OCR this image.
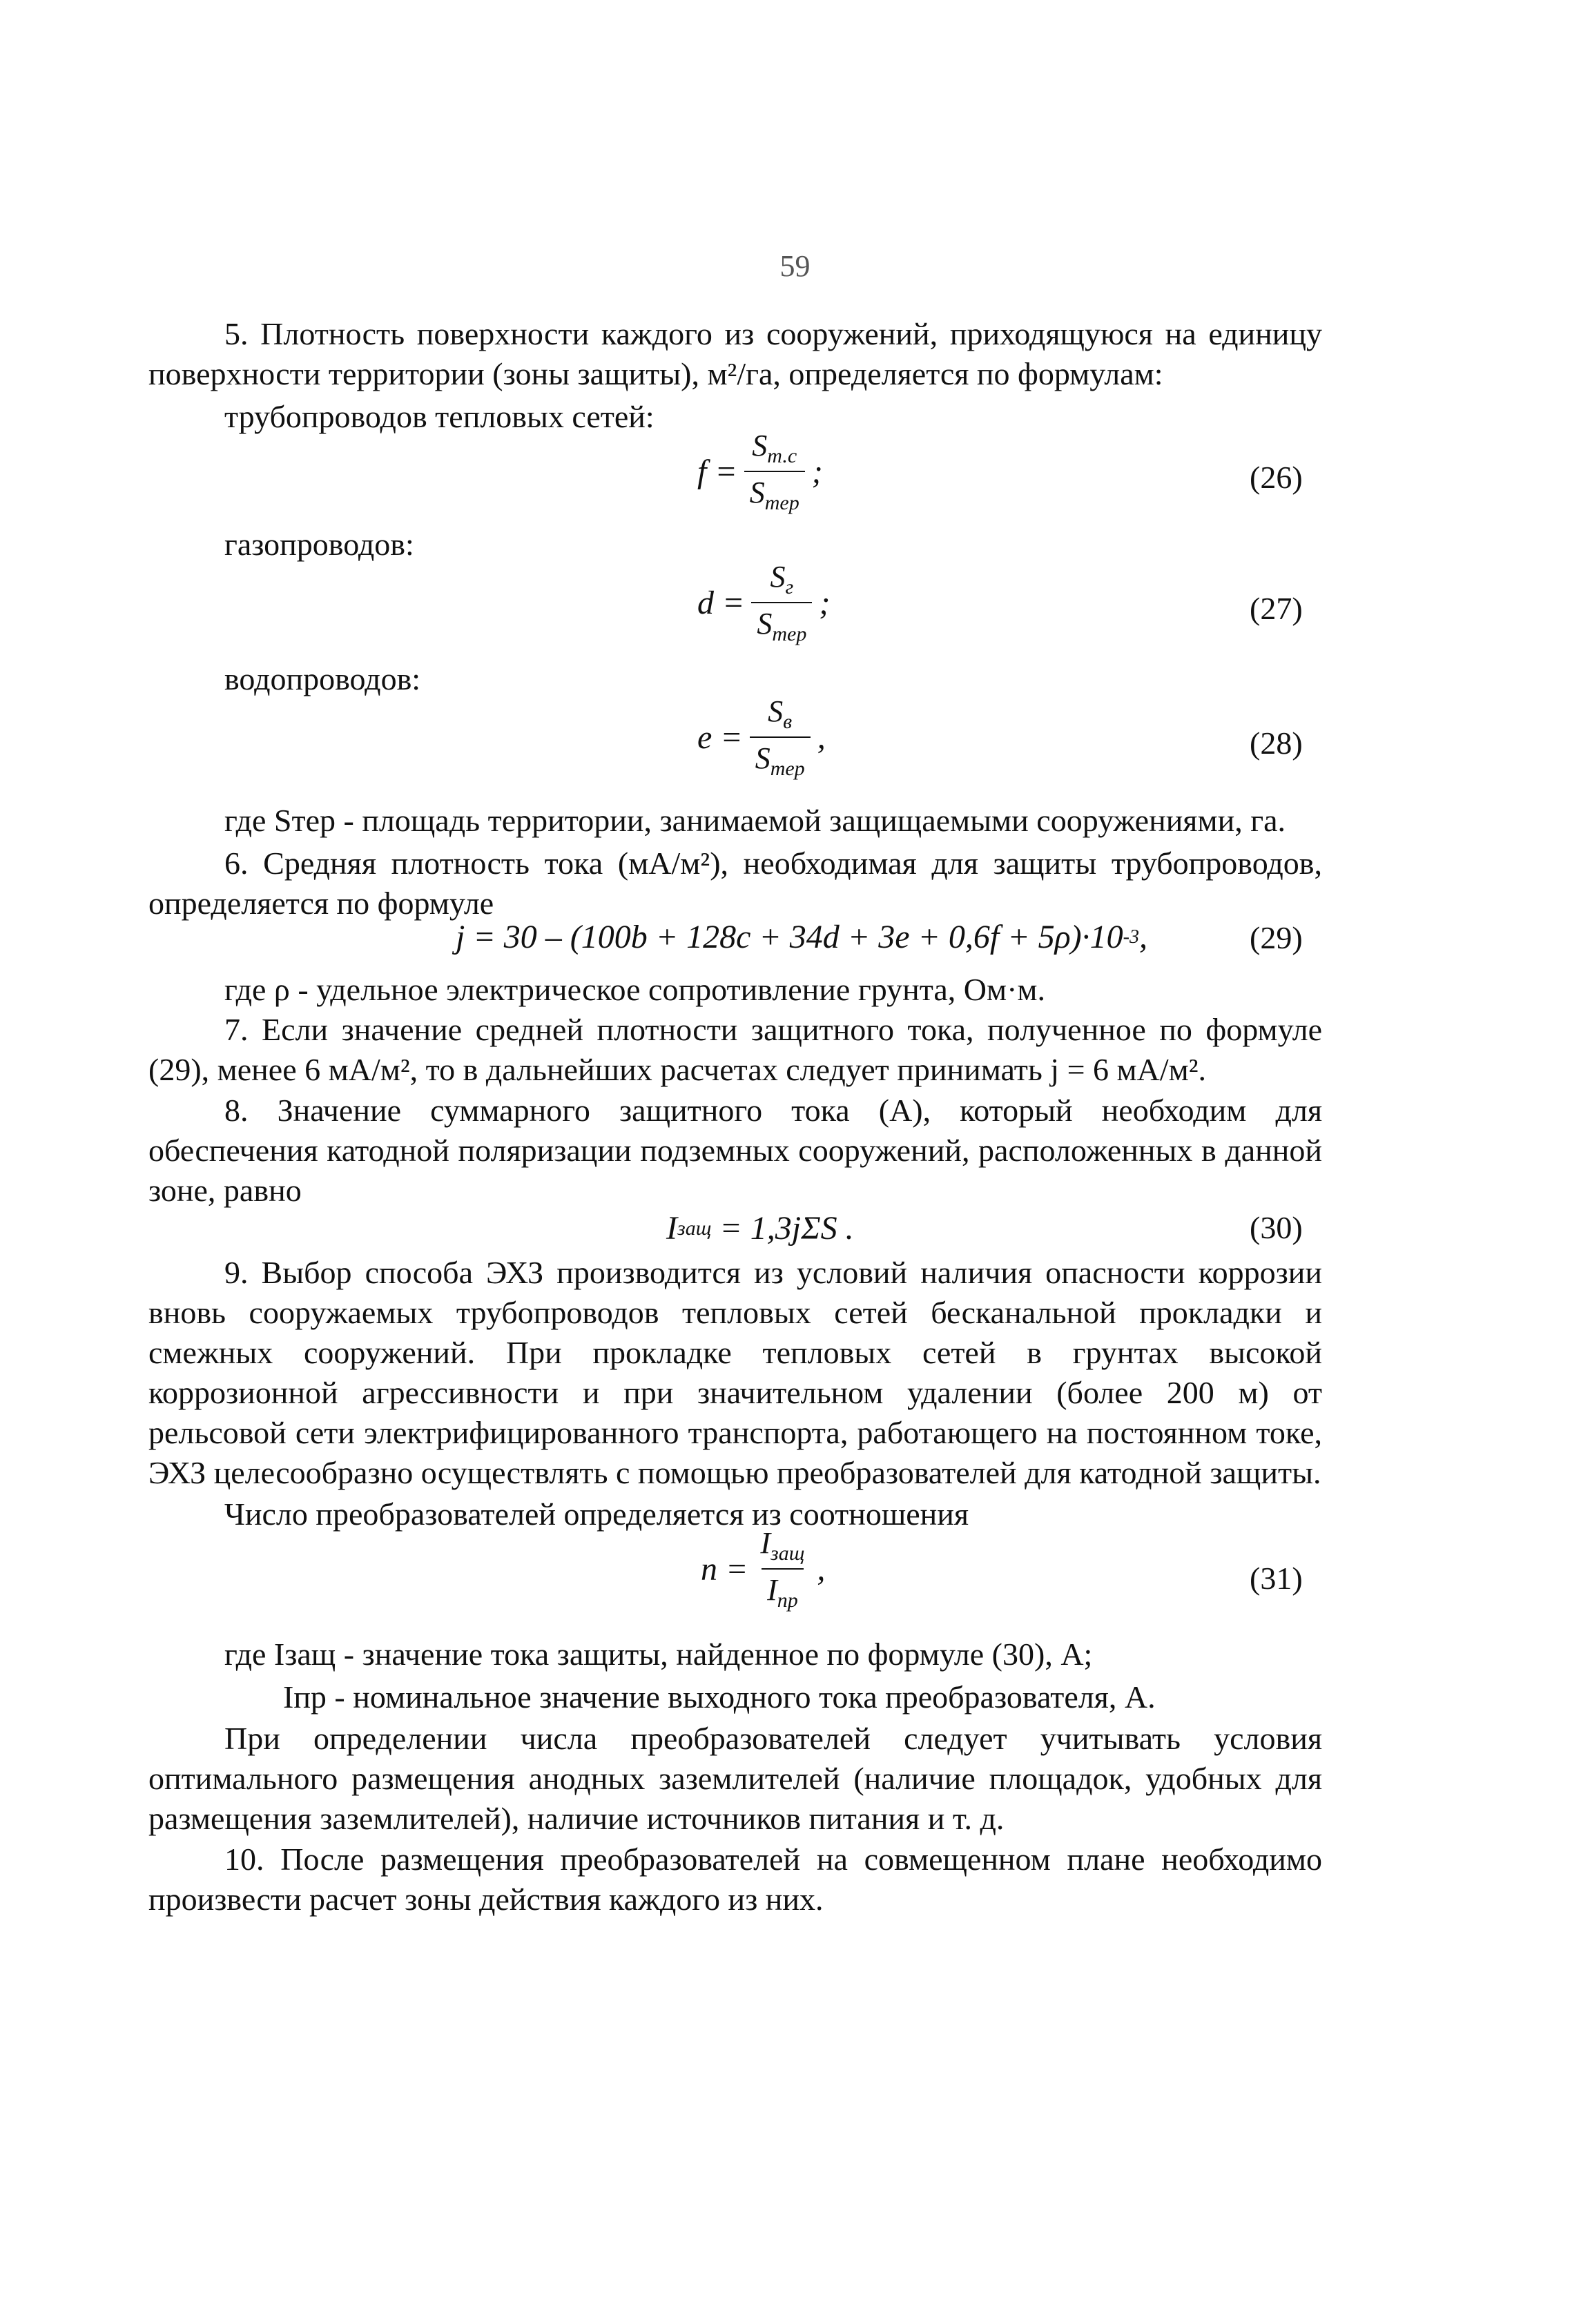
59
5. Плотность поверхности каждого из сооружений, приходящуюся на единицу поверхности территории (зоны защиты), м²/га, определяется по формулам:
трубопроводов тепловых сетей:
$f = \frac{S_{т.с}}{S_{тер}}$ ;	(26)
газопроводов:
$d = \frac{S_г}{S_{тер}}$ ;	(27)
водопроводов:
$e = \frac{S_в}{S_{тер}}$ ,	(28)
где Sтер - площадь территории, занимаемой защищаемыми сооружениями, га.
6. Средняя плотность тока (мА/м²), необходимая для защиты трубопроводов, определяется по формуле
j = 30 – (100b + 128c + 34d + 3e + 0,6f + 5ρ)·10 -3 ,	(29)
где ρ - удельное электрическое сопротивление грунта, Ом·м.
7. Если значение средней плотности защитного тока, полученное по формуле (29), менее 6 мА/м², то в дальнейших расчетах следует принимать j = 6 мА/м².
8. Значение суммарного защитного тока (А), который необходим для обеспечения катодной поляризации подземных сооружений, расположенных в данной зоне, равно
I защ
= 1,3jΣS .	(30)
9. Выбор способа ЭХЗ производится из условий наличия опасности коррозии вновь сооружаемых трубопроводов тепловых сетей бесканальной прокладки и смежных сооружений. При прокладке тепловых сетей в грунтах высокой коррозионной агрессивности и при значительном удалении (более 200 м) от рельсовой сети электрифицированного транспорта, работающего на постоянном токе, ЭХЗ целесообразно осуществлять с помощью преобразователей для катодной защиты.
Число преобразователей определяется из соотношения
$n = \frac{I_{защ}}{I_{пр}}$ ,	(31)
где Iзащ - значение тока защиты, найденное по формуле (30), А;
Iпр - номинальное значение выходного тока преобразователя, А.
При определении числа преобразователей следует учитывать условия оптимального размещения анодных заземлителей (наличие площадок, удобных для размещения заземлителей), наличие источников питания и т. д.
10. После размещения преобразователей на совмещенном плане необходимо произвести расчет зоны действия каждого из них.
